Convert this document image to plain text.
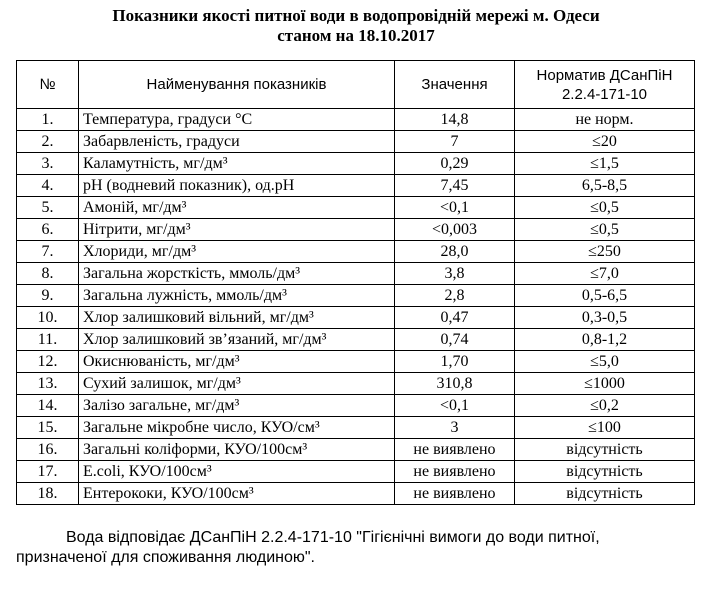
Показники якості питної води в водопровідній мережі м. Одеси
станом на 18.10.2017
№	Найменування показників	Значення	Норматив ДСанПіН 2.2.4-171-10
1.	Температура, градуси °С	14,8	не норм.
2.	Забарвленість, градуси	7	≤20
3.	Каламутність, мг/дм³	0,29	≤1,5
4.	pH (водневий показник), од.pH	7,45	6,5-8,5
5.	Амоній, мг/дм³	<0,1	≤0,5
6.	Нітрити, мг/дм³	<0,003	≤0,5
7.	Хлориди, мг/дм³	28,0	≤250
8.	Загальна жорсткість, ммоль/дм³	3,8	≤7,0
9.	Загальна лужність, ммоль/дм³	2,8	0,5-6,5
10.	Хлор залишковий вільний, мг/дм³	0,47	0,3-0,5
11.	Хлор залишковий зв’язаний, мг/дм³	0,74	0,8-1,2
12.	Окиснюваність, мг/дм³	1,70	≤5,0
13.	Сухий залишок, мг/дм³	310,8	≤1000
14.	Залізо загальне, мг/дм³	<0,1	≤0,2
15.	Загальне мікробне число, КУО/см³	3	≤100
16.	Загальні коліформи, КУО/100см³	не виявлено	відсутність
17.	E.coli, КУО/100см³	не виявлено	відсутність
18.	Ентерококи, КУО/100см³	не виявлено	відсутність
Вода відповідає ДСанПіН 2.2.4-171-10 "Гігієнічні вимоги до води питної,
призначеної для споживання людиною".
